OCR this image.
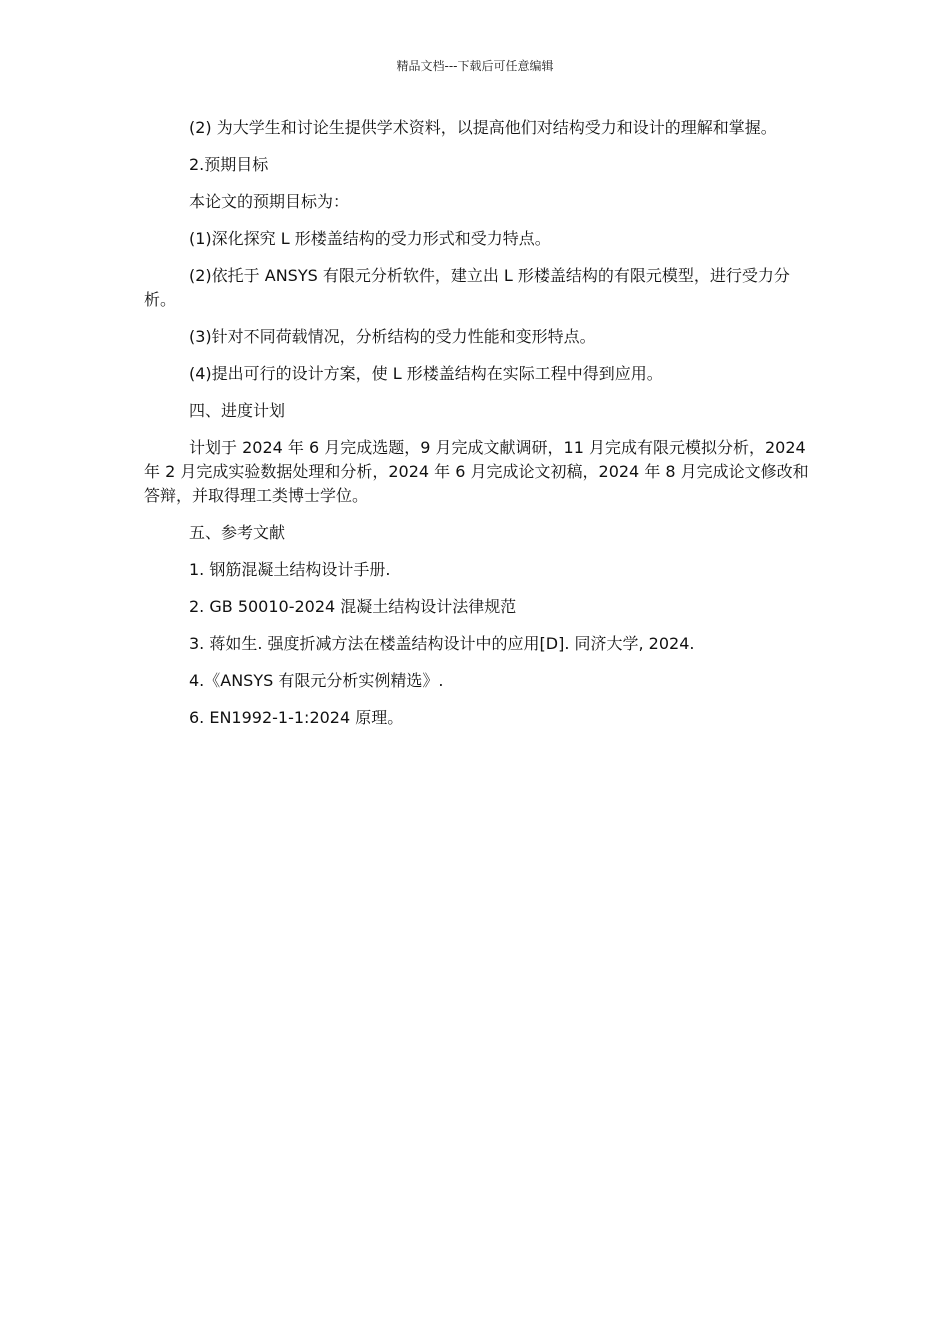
精品文档---下载后可任意编辑

(2) 为大学生和讨论生提供学术资料，以提高他们对结构受力和设计的理解和掌握。

2.预期目标

本论文的预期目标为：

(1)深化探究 L 形楼盖结构的受力形式和受力特点。

(2)依托于 ANSYS 有限元分析软件，建立出 L 形楼盖结构的有限元模型，进行受力分析。

(3)针对不同荷载情况，分析结构的受力性能和变形特点。

(4)提出可行的设计方案，使 L 形楼盖结构在实际工程中得到应用。

四、进度计划

计划于 2024 年 6 月完成选题，9 月完成文献调研，11 月完成有限元模拟分析，2024 年 2 月完成实验数据处理和分析，2024 年 6 月完成论文初稿，2024 年 8 月完成论文修改和答辩，并取得理工类博士学位。

五、参考文献

1. 钢筋混凝土结构设计手册.

2. GB 50010-2024 混凝土结构设计法律规范

3. 蒋如生. 强度折减方法在楼盖结构设计中的应用[D]. 同济大学, 2024.

4.《ANSYS 有限元分析实例精选》.

6. EN1992-1-1:2024 原理。
